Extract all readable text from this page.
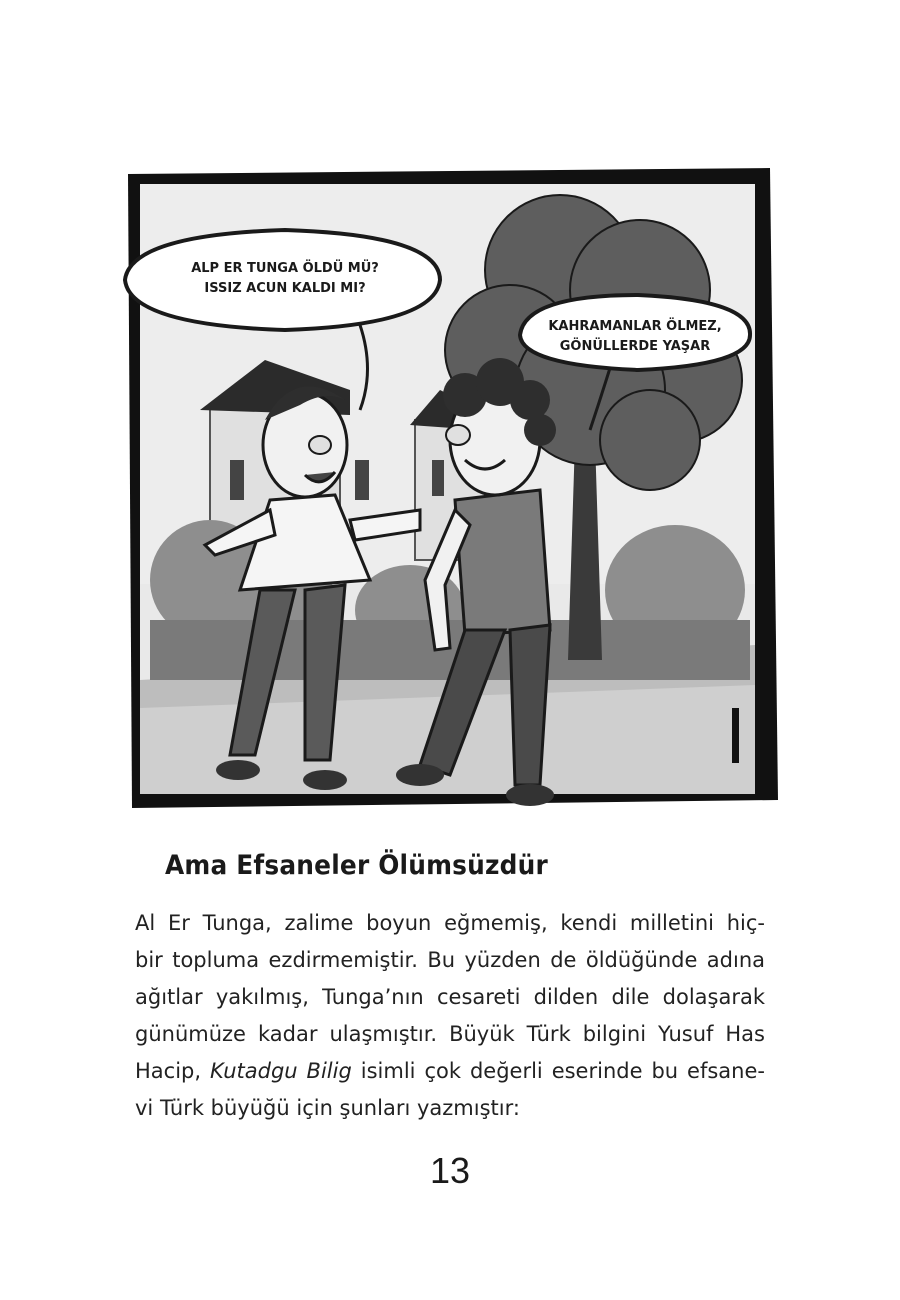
ALP ER TUNGA ÖLDÜ MÜ?
ISSIZ ACUN KALDI MI?
KAHRAMANLAR ÖLMEZ,
GÖNÜLLERDE YAŞAR
Ama Efsaneler Ölümsüzdür

Al Er Tunga, zalime boyun eğmemiş, kendi milletini hiç-
bir topluma ezdirmemiştir. Bu yüzden de öldüğünde adına
ağıtlar yakılmış, Tunga’nın cesareti dilden dile dolaşarak
günümüze kadar ulaşmıştır. Büyük Türk bilgini Yusuf Has
Hacip, Kutadgu Bilig isimli çok değerli eserinde bu efsane-
vi Türk büyüğü için şunları yazmıştır:

13
